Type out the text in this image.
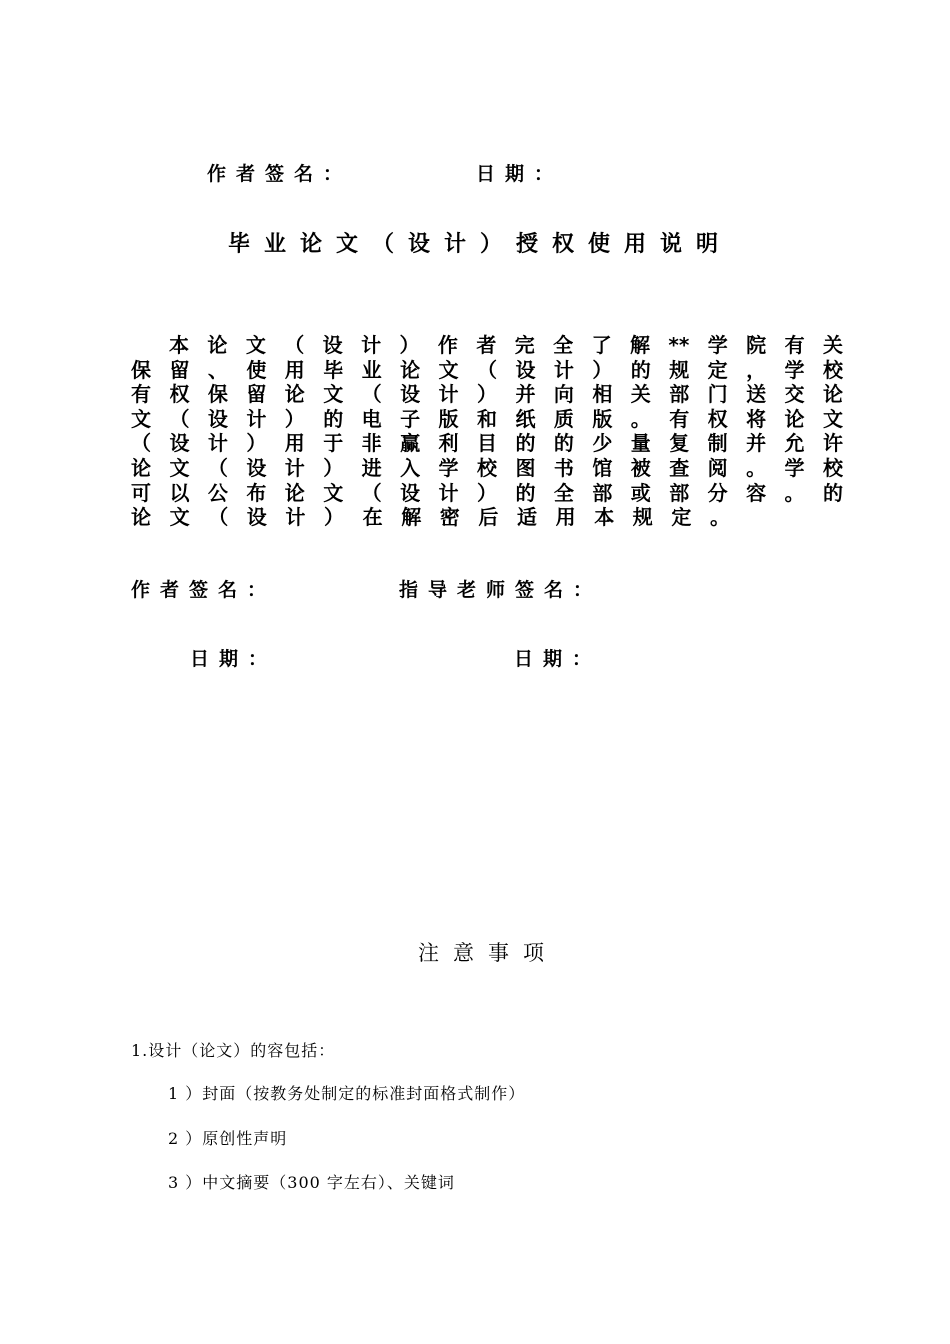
作者签名：	日期：
毕业论文（设计）授权使用说明
本论文（设计）作者完全了解**学院有关
保留、使用毕业论文（设计）的规定，学校
有权保留论文（设计）并向相关部门送交论
文（设计）的电子版和纸质版。有权将论文
（设计）用于非赢利目的的少量复制并允许
论文（设计）进入学校图书馆被查阅。学校
可以公布论文（设计）的全部或部分容。的
论文（设计）在解密后适用本规定。
作者签名：	指导老师签名：
日期：	日期：
注意事项
1.设计（论文）的容包括：
1 ）封面（按教务处制定的标准封面格式制作）
2 ）原创性声明
3 ）中文摘要（300 字左右）、关键词
